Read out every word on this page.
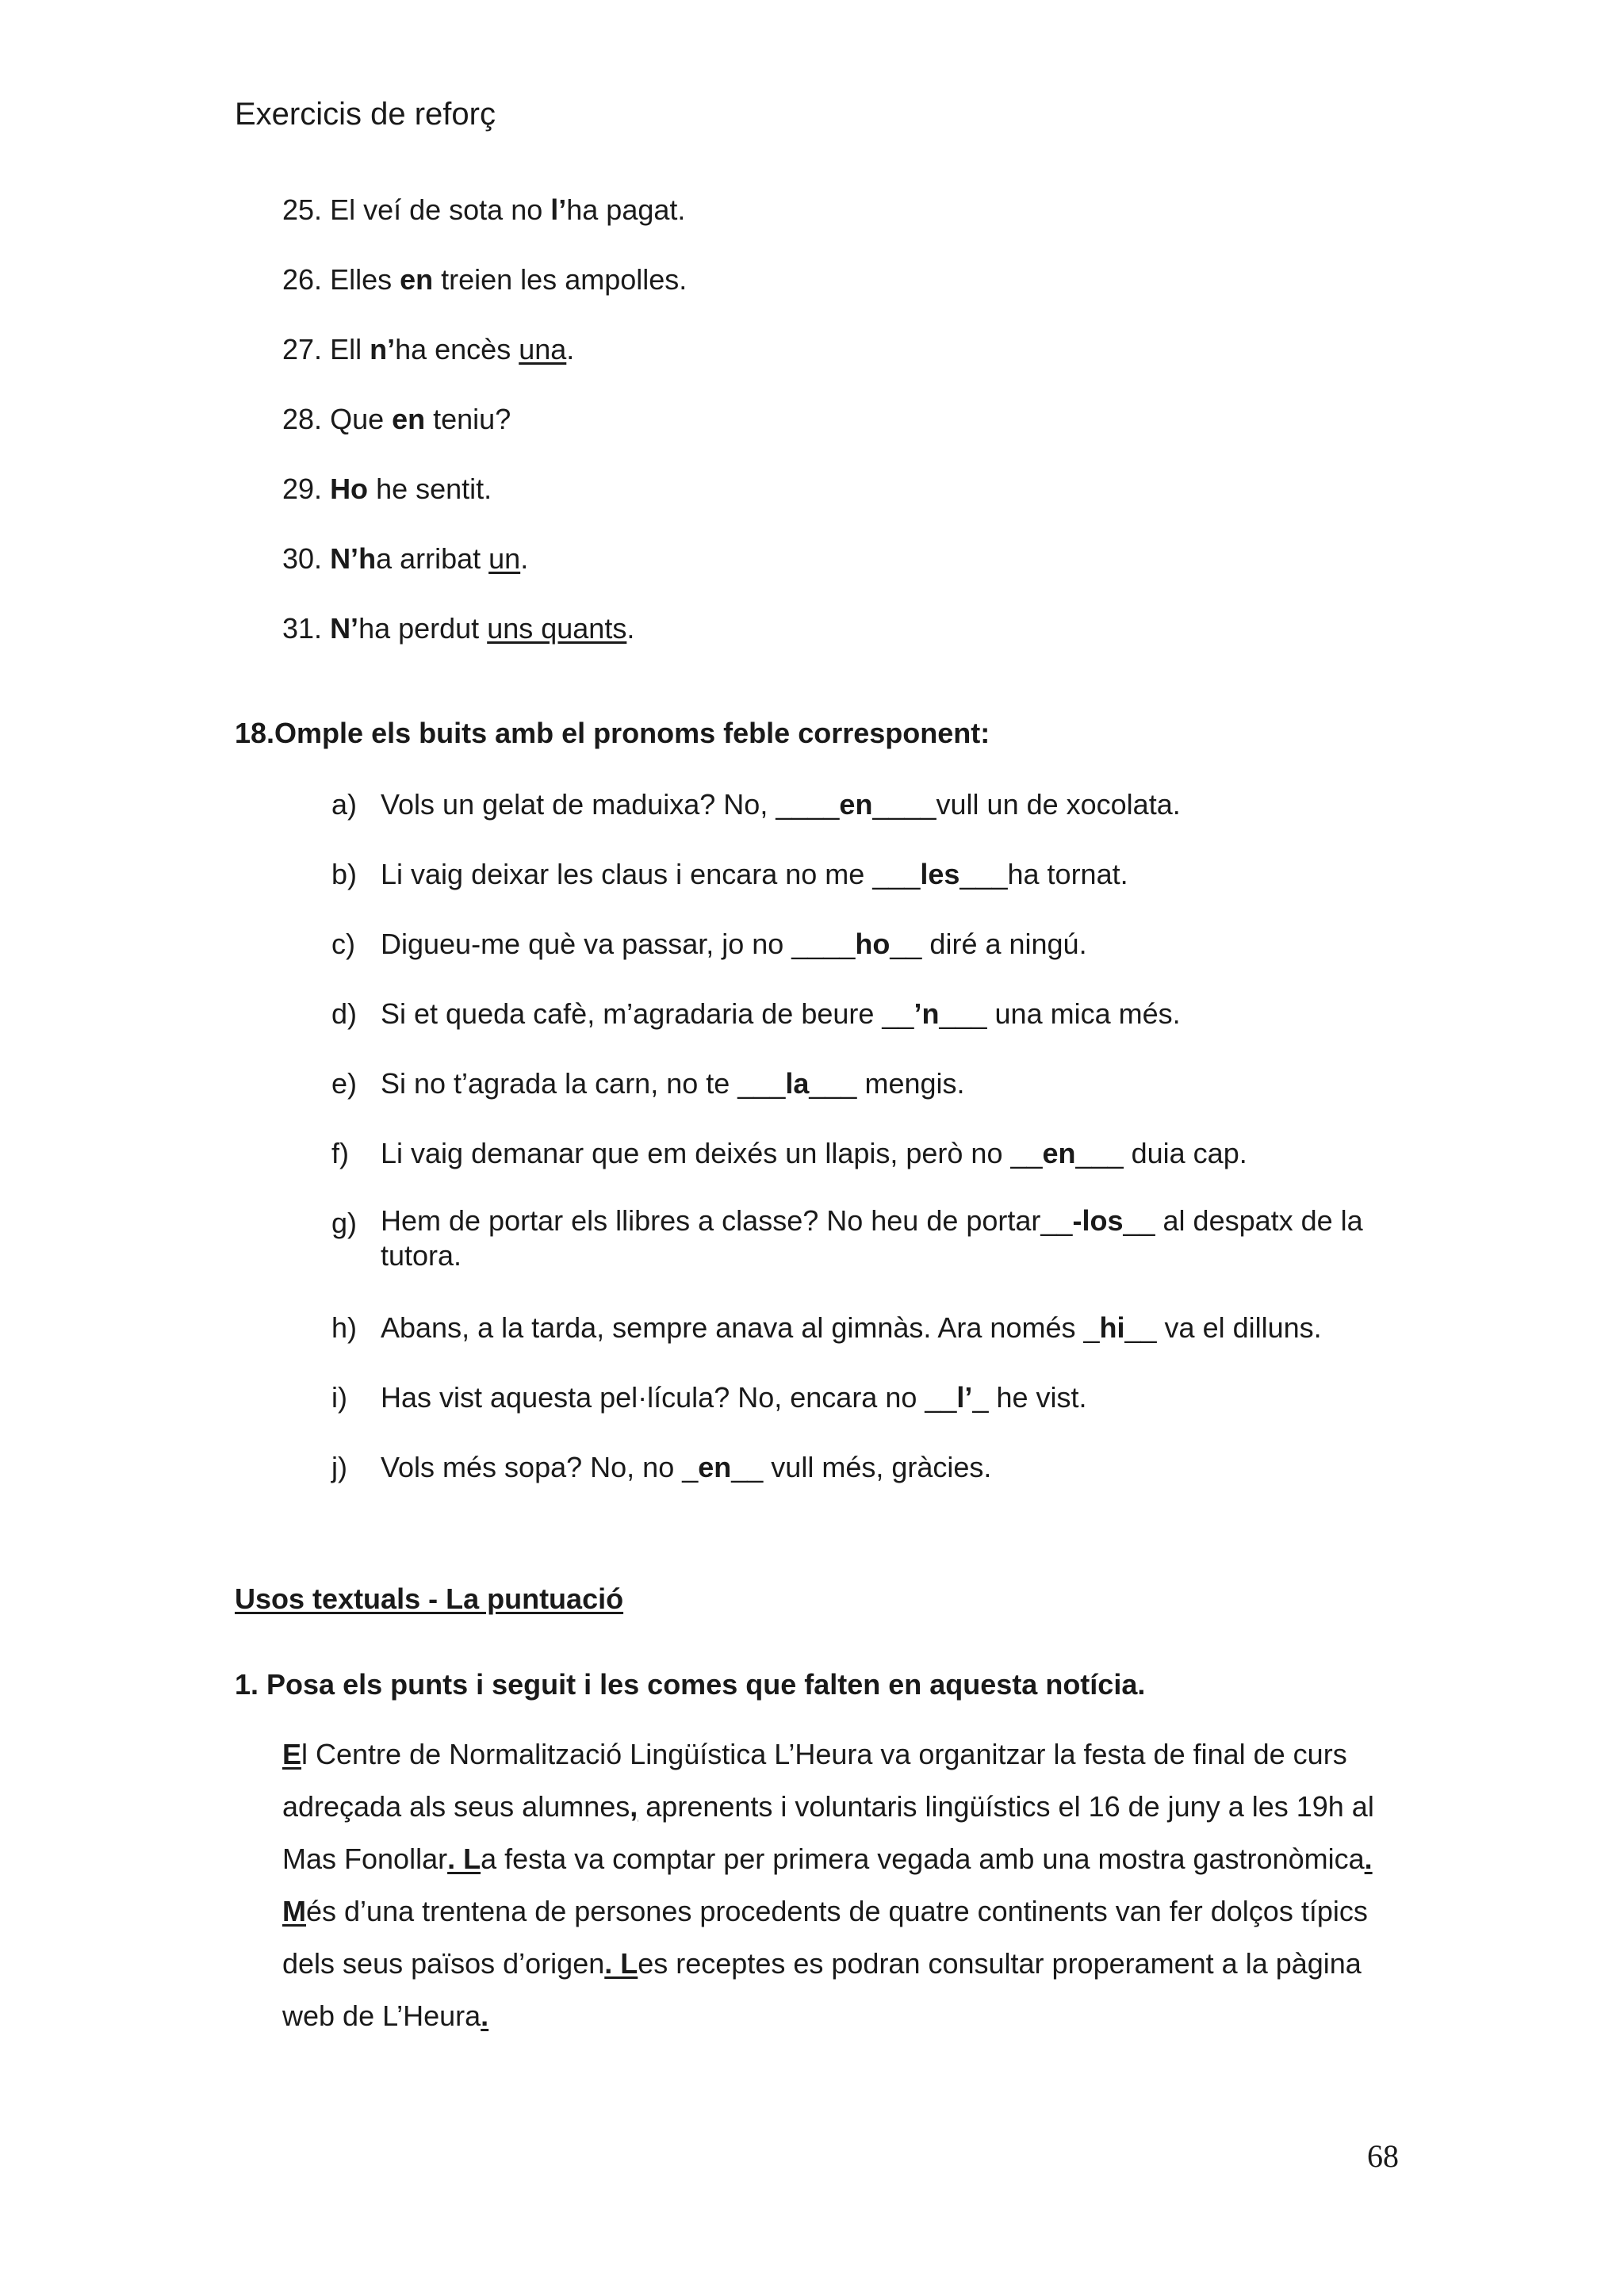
Exercicis de reforç
25. El veí de sota no l’ha pagat.
26. Elles en treien les ampolles.
27. Ell n’ha encès una.
28. Que en teniu?
29. Ho he sentit.
30. N’ha arribat un.
31. N’ha perdut uns quants.
18.Omple els buits amb el pronoms feble corresponent:
a) Vols un gelat de maduixa? No, ____en____vull un de xocolata.
b) Li vaig deixar les claus i encara no me ___les___ha tornat.
c) Digueu-me què va passar, jo no ____ho__ diré a ningú.
d) Si et queda cafè, m’agradaria de beure __’n___ una mica més.
e) Si no t’agrada la carn, no te ___la___ mengis.
f)	Li vaig demanar que em deixés un llapis, però no __en___ duia cap.
g) Hem de portar els llibres a classe? No heu de portar__-los__ al despatx de la tutora.
h) Abans, a la tarda, sempre anava al gimnàs. Ara només _hi__ va el dilluns.
i)	Has vist aquesta pel·lícula? No, encara no __l’_ he vist.
j)	Vols més sopa? No, no _en__ vull més, gràcies.
Usos textuals - La puntuació
1. Posa els punts i seguit i les comes que falten en aquesta notícia.
El Centre de Normalització Lingüística L’Heura va organitzar la festa de final de curs adreçada als seus alumnes, aprenents i voluntaris lingüístics el 16 de juny a les 19h al Mas Fonollar. La festa va comptar per primera vegada amb una mostra gastronòmica. Més d’una trentena de persones procedents de quatre continents van fer dolços típics dels seus països d’origen. Les receptes es podran consultar properament a la pàgina web de L’Heura.
68
